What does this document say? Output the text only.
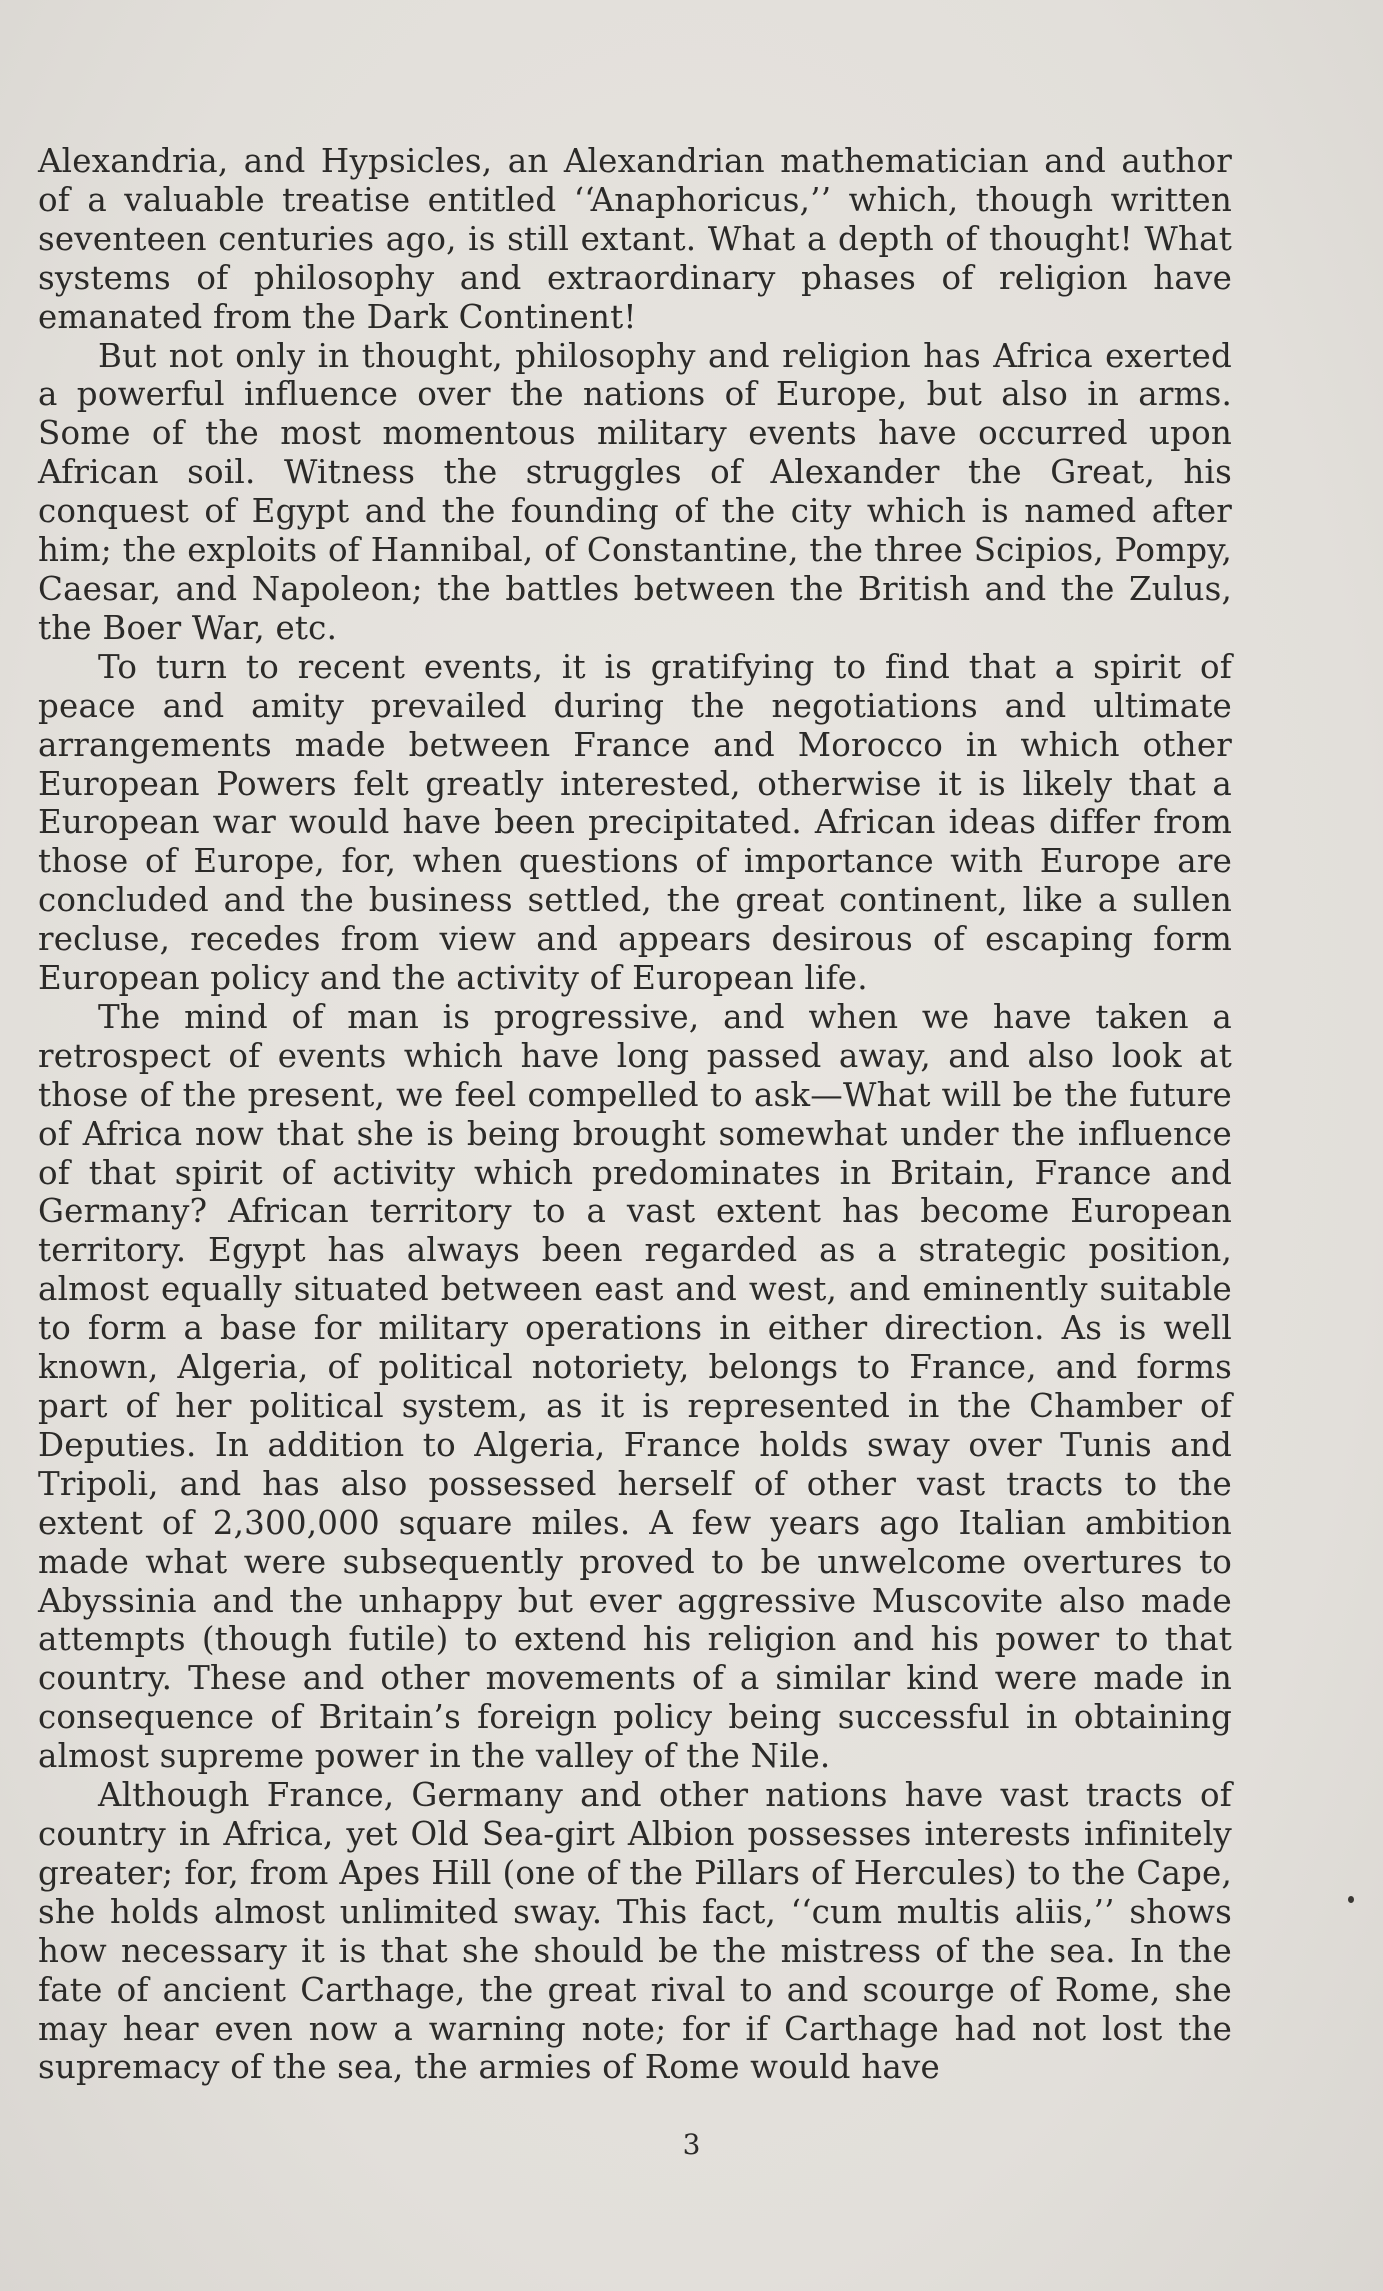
Alexandria, and Hypsicles, an Alexandrian mathematician and author of a valuable treatise entitled ‘‘Anaphoricus,’’ which, though written seventeen centuries ago, is still extant. What a depth of thought! What systems of philosophy and extraordinary phases of religion have emanated from the Dark Continent!

But not only in thought, philosophy and religion has Africa exerted a powerful influence over the nations of Europe, but also in arms. Some of the most momentous military events have occurred upon African soil. Witness the struggles of Alexander the Great, his conquest of Egypt and the founding of the city which is named after him; the exploits of Hannibal, of Constantine, the three Scipios, Pompy, Caesar, and Napoleon; the battles between the British and the Zulus, the Boer War, etc.

To turn to recent events, it is gratifying to find that a spirit of peace and amity prevailed during the negotiations and ultimate arrangements made between France and Morocco in which other European Powers felt greatly interested, otherwise it is likely that a European war would have been precipitated. African ideas differ from those of Europe, for, when questions of importance with Europe are concluded and the business settled, the great continent, like a sullen recluse, recedes from view and appears desirous of escaping form European policy and the activity of European life.

The mind of man is progressive, and when we have taken a retrospect of events which have long passed away, and also look at those of the present, we feel compelled to ask—What will be the future of Africa now that she is being brought somewhat under the influence of that spirit of activity which predominates in Britain, France and Germany? African territory to a vast extent has become European territory. Egypt has always been regarded as a strategic position, almost equally situated between east and west, and eminently suitable to form a base for military operations in either direction. As is well known, Algeria, of political notoriety, belongs to France, and forms part of her political system, as it is represented in the Chamber of Deputies. In addition to Algeria, France holds sway over Tunis and Tripoli, and has also possessed herself of other vast tracts to the extent of 2,300,000 square miles. A few years ago Italian ambition made what were subsequently proved to be unwelcome overtures to Abyssinia and the unhappy but ever aggressive Muscovite also made attempts (though futile) to extend his religion and his power to that country. These and other movements of a similar kind were made in consequence of Britain’s foreign policy being successful in obtaining almost supreme power in the valley of the Nile.

Although France, Germany and other nations have vast tracts of country in Africa, yet Old Sea-girt Albion possesses interests infinitely greater; for, from Apes Hill (one of the Pillars of Hercules) to the Cape, she holds almost unlimited sway. This fact, ‘‘cum multis aliis,’’ shows how necessary it is that she should be the mistress of the sea. In the fate of ancient Carthage, the great rival to and scourge of Rome, she may hear even now a warning note; for if Carthage had not lost the supremacy of the sea, the armies of Rome would have

3
